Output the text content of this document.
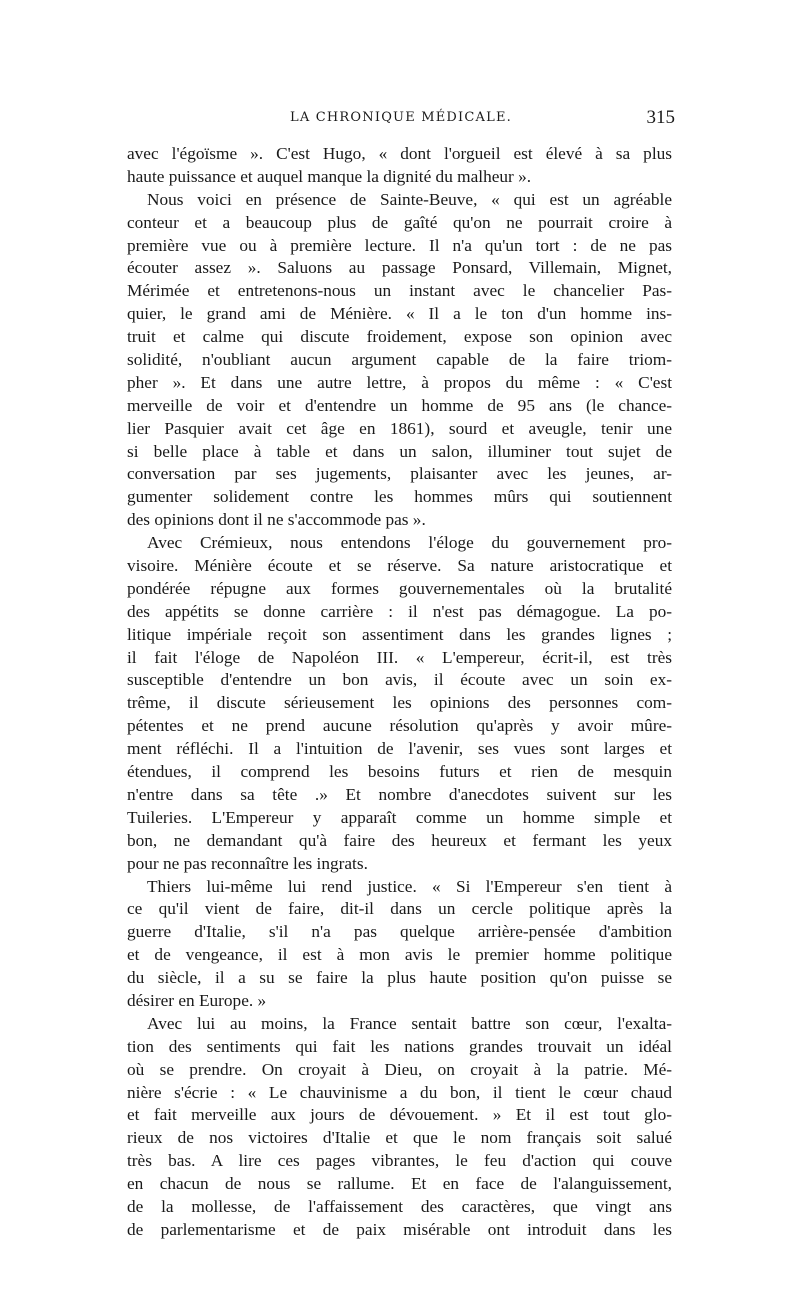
LA CHRONIQUE MÉDICALE.	315
avec l'égoïsme ». C'est Hugo, « dont l'orgueil est élevé à sa plus
haute puissance et auquel manque la dignité du malheur ».
Nous voici en présence de Sainte-Beuve, « qui est un agréable
conteur et a beaucoup plus de gaîté qu'on ne pourrait croire à
première vue ou à première lecture. Il n'a qu'un tort : de ne pas
écouter assez ». Saluons au passage Ponsard, Villemain, Mignet,
Mérimée et entretenons-nous un instant avec le chancelier Pas-
quier, le grand ami de Ménière. « Il a le ton d'un homme ins-
truit et calme qui discute froidement, expose son opinion avec
solidité, n'oubliant aucun argument capable de la faire triom-
pher ». Et dans une autre lettre, à propos du même : « C'est
merveille de voir et d'entendre un homme de 95 ans (le chance-
lier Pasquier avait cet âge en 1861), sourd et aveugle, tenir une
si belle place à table et dans un salon, illuminer tout sujet de
conversation par ses jugements, plaisanter avec les jeunes, ar-
gumenter solidement contre les hommes mûrs qui soutiennent
des opinions dont il ne s'accommode pas ».
Avec Crémieux, nous entendons l'éloge du gouvernement pro-
visoire. Ménière écoute et se réserve. Sa nature aristocratique et
pondérée répugne aux formes gouvernementales où la brutalité
des appétits se donne carrière : il n'est pas démagogue. La po-
litique impériale reçoit son assentiment dans les grandes lignes ;
il fait l'éloge de Napoléon III. « L'empereur, écrit-il, est très
susceptible d'entendre un bon avis, il écoute avec un soin ex-
trême, il discute sérieusement les opinions des personnes com-
pétentes et ne prend aucune résolution qu'après y avoir mûre-
ment réfléchi. Il a l'intuition de l'avenir, ses vues sont larges et
étendues, il comprend les besoins futurs et rien de mesquin
n'entre dans sa tête .» Et nombre d'anecdotes suivent sur les
Tuileries. L'Empereur y apparaît comme un homme simple et
bon, ne demandant qu'à faire des heureux et fermant les yeux
pour ne pas reconnaître les ingrats.
Thiers lui-même lui rend justice. « Si l'Empereur s'en tient à
ce qu'il vient de faire, dit-il dans un cercle politique après la
guerre d'Italie, s'il n'a pas quelque arrière-pensée d'ambition
et de vengeance, il est à mon avis le premier homme politique
du siècle, il a su se faire la plus haute position qu'on puisse se
désirer en Europe. »
Avec lui au moins, la France sentait battre son cœur, l'exalta-
tion des sentiments qui fait les nations grandes trouvait un idéal
où se prendre. On croyait à Dieu, on croyait à la patrie. Mé-
nière s'écrie : « Le chauvinisme a du bon, il tient le cœur chaud
et fait merveille aux jours de dévouement. » Et il est tout glo-
rieux de nos victoires d'Italie et que le nom français soit salué
très bas. A lire ces pages vibrantes, le feu d'action qui couve
en chacun de nous se rallume. Et en face de l'alanguissement,
de la mollesse, de l'affaissement des caractères, que vingt ans
de parlementarisme et de paix misérable ont introduit dans les
